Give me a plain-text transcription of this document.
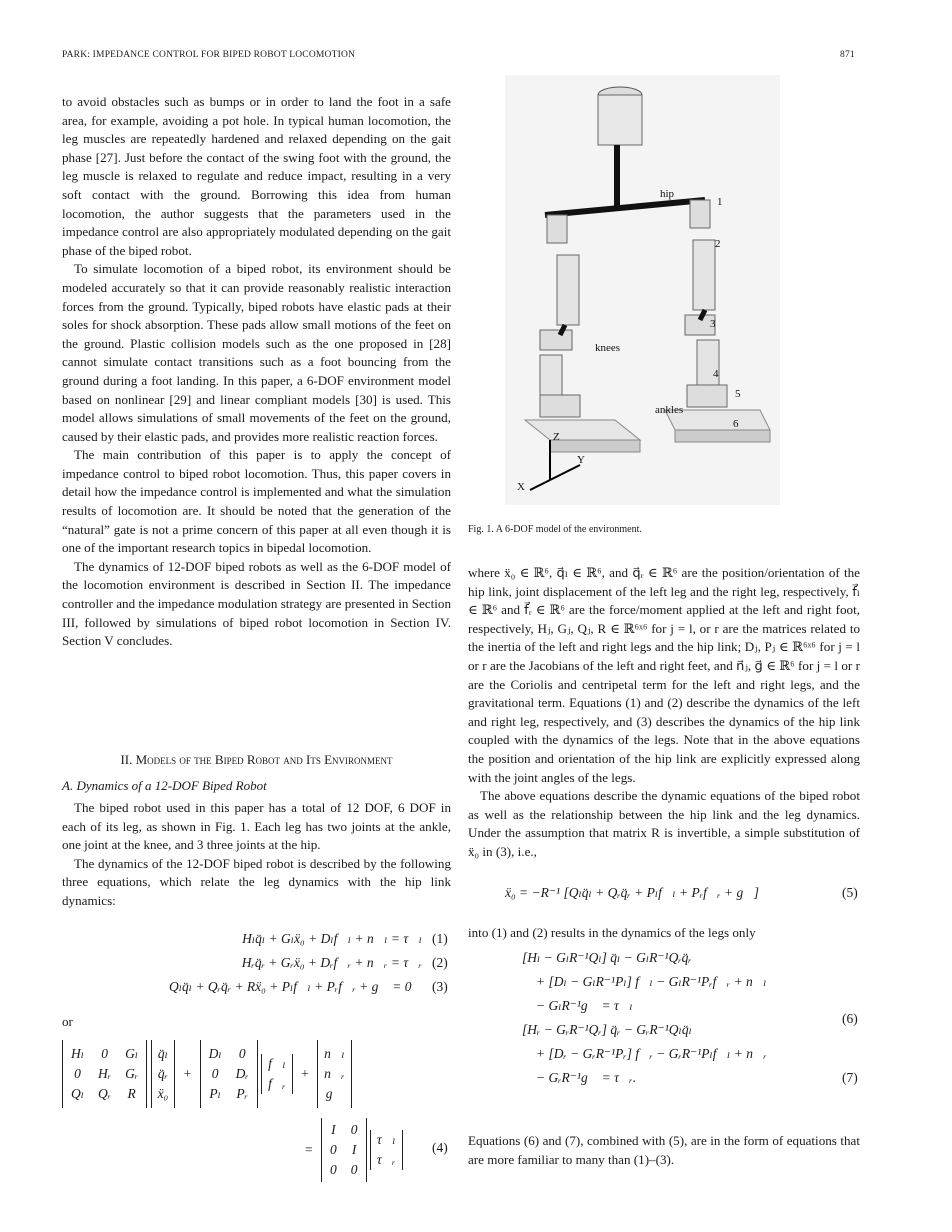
PARK: IMPEDANCE CONTROL FOR BIPED ROBOT LOCOMOTION	871

to avoid obstacles such as bumps or in order to land the foot in a safe area, for example, avoiding a pot hole. In typical human locomotion, the leg muscles are repeatedly hardened and relaxed depending on the gait phase [27]. Just before the contact of the swing foot with the ground, the leg muscle is relaxed to regulate and reduce impact, resulting in a very soft contact with the ground. Borrowing this idea from human locomotion, the author suggests that the parameters used in the impedance control are also appropriately modulated depending on the gait phase of the biped robot.

To simulate locomotion of a biped robot, its environment should be modeled accurately so that it can provide reasonably realistic interaction forces from the ground. Typically, biped robots have elastic pads at their soles for shock absorption. These pads allow small motions of the feet on the ground. Plastic collision models such as the one proposed in [28] cannot simulate contact transitions such as a foot bouncing from the ground during a foot landing. In this paper, a 6-DOF environment model based on nonlinear [29] and linear compliant models [30] is used. This model allows simulations of small movements of the feet on the ground, caused by their elastic pads, and provides more realistic reaction forces.

The main contribution of this paper is to apply the concept of impedance control to biped robot locomotion. Thus, this paper covers in detail how the impedance control is implemented and what the simulation results of locomotion are. It should be noted that the generation of the “natural” gate is not a prime concern of this paper at all even though it is one of the important research topics in bipedal locomotion.

The dynamics of 12-DOF biped robots as well as the 6-DOF model of the locomotion environment is described in Section II. The impedance controller and the impedance modulation strategy are presented in Section III, followed by simulations of biped robot locomotion in Section IV. Section V concludes.

II. Models of the Biped Robot and Its Environment
A. Dynamics of a 12-DOF Biped Robot

The biped robot used in this paper has a total of 12 DOF, 6 DOF in each of its leg, as shown in Fig. 1. Each leg has two joints at the ankle, one joint at the knee, and 3 three joints at the hip.

The dynamics of the 12-DOF biped robot is described by the following three equations, which relate the leg dynamics with the hip link dynamics:

Hₗq̈ₗ + Gₗẍ₀ + Dₗf⃗ₗ + n⃗ₗ = τ⃗ₗ (1)
Hᵣq̈ᵣ + Gᵣẍ₀ + Dᵣf⃗ᵣ + n⃗ᵣ = τ⃗ᵣ (2)
Qₗq̈ₗ + Qᵣq̈ᵣ + Rẍ₀ + Pₗf⃗ₗ + Pᵣf⃗ᵣ + g⃗ = 0⃗ (3)
or
Hₗ 0 Gₗ
0 Hᵣ Gᵣ
Qₗ Qᵣ R

q̈ₗ
q̈ᵣ
ẍ₀
+
Dₗ 0
0 Dᵣ
Pₗ Pᵣ

f⃗ₗ
f⃗ᵣ
+
n⃗ₗ
n⃗ᵣ
g⃗
=
I 0
0 I
0 0

τ⃗ₗ
τ⃗ᵣ
(4)
hip
knees
ankles
1
2
3
4
5
6
Z
Y
X
Fig. 1. A 6-DOF model of the environment.

where ẍ₀ ∈ ℝ⁶, q⃗ₗ ∈ ℝ⁶, and q⃗ᵣ ∈ ℝ⁶ are the position/orientation of the hip link, joint displacement of the left leg and the right leg, respectively, f⃗ₗ ∈ ℝ⁶ and f⃗ᵣ ∈ ℝ⁶ are the force/moment applied at the left and right foot, respectively, Hⱼ, Gⱼ, Qⱼ, R ∈ ℝ⁶ˣ⁶ for j = l, or r are the matrices related to the inertia of the left and right legs and the hip link; Dⱼ, Pⱼ ∈ ℝ⁶ˣ⁶ for j = l or r are the Jacobians of the left and right feet, and n⃗ⱼ, g⃗ ∈ ℝ⁶ for j = l or r are the Coriolis and centripetal term for the left and right legs, and the gravitational term. Equations (1) and (2) describe the dynamics of the left and right leg, respectively, and (3) describes the dynamics of the hip link coupled with the dynamics of the legs. Note that in the above equations the position and orientation of the hip link are explicitly expressed along with the joint angles of the legs.

The above equations describe the dynamic equations of the biped robot as well as the relationship between the hip link and the leg dynamics. Under the assumption that matrix R is invertible, a simple substitution of ẍ₀ in (3), i.e.,

ẍ₀ = −R⁻¹ [Qₗq̈ₗ + Qᵣq̈ᵣ + Pₗf⃗ₗ + Pᵣf⃗ᵣ + g⃗]	(5)
into (1) and (2) results in the dynamics of the legs only
[Hₗ − GₗR⁻¹Qₗ] q̈ₗ − GₗR⁻¹Qᵣq̈ᵣ
+ [Dₗ − GₗR⁻¹Pₗ] f⃗ₗ − GₗR⁻¹Pᵣf⃗ᵣ + n⃗ₗ
− GₗR⁻¹g⃗ = τ⃗ₗ
(6)
[Hᵣ − GᵣR⁻¹Qᵣ] q̈ᵣ − GᵣR⁻¹Qₗq̈ₗ
+ [Dᵣ − GᵣR⁻¹Pᵣ] f⃗ᵣ − GᵣR⁻¹Pₗf⃗ₗ + n⃗ᵣ
− GᵣR⁻¹g⃗ = τ⃗ᵣ.	(7)
Equations (6) and (7), combined with (5), are in the form of equations that are more familiar to many than (1)–(3).
